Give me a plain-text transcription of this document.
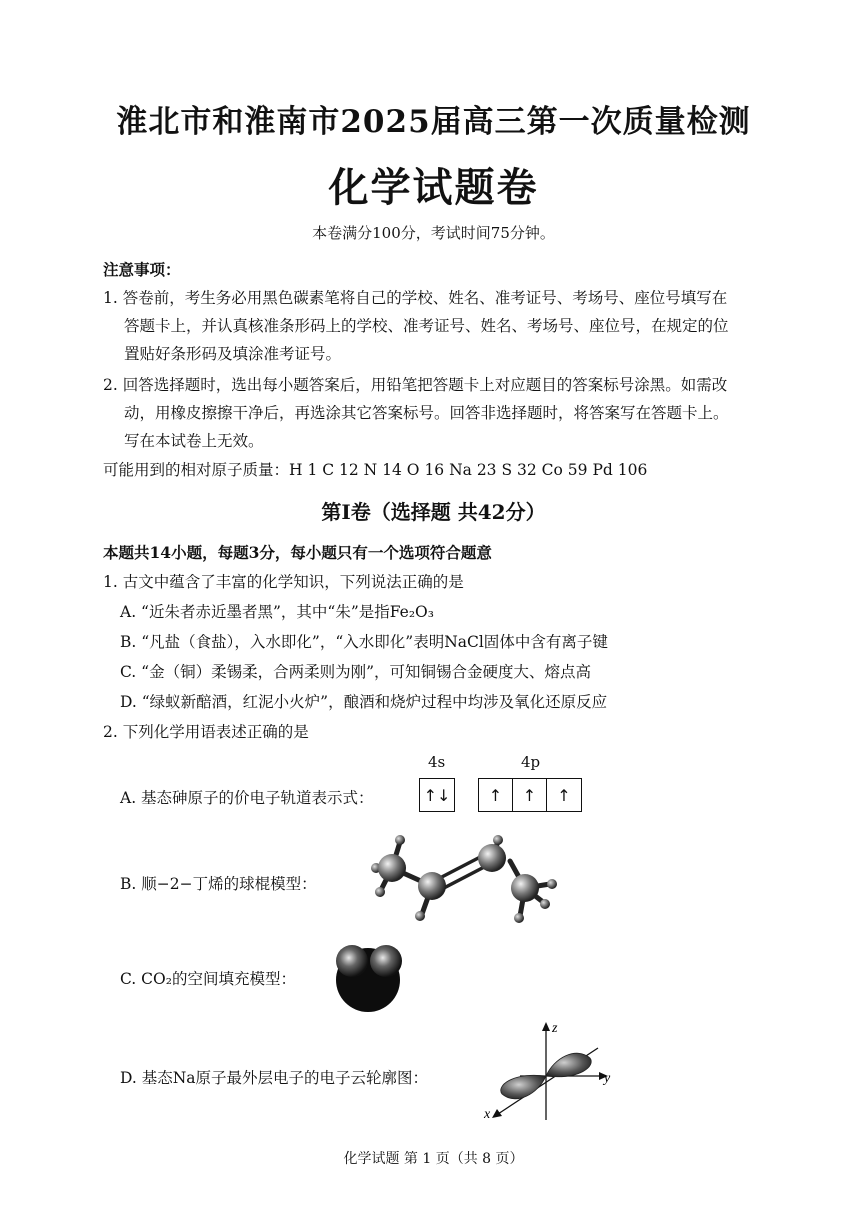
淮北市和淮南市2025届高三第一次质量检测
化学试题卷
本卷满分100分，考试时间75分钟。
注意事项：
1. 答卷前，考生务必用黑色碳素笔将自己的学校、姓名、准考证号、考场号、座位号填写在
答题卡上，并认真核准条形码上的学校、准考证号、姓名、考场号、座位号，在规定的位
置贴好条形码及填涂准考证号。
2. 回答选择题时，选出每小题答案后，用铅笔把答题卡上对应题目的答案标号涂黑。如需改
动，用橡皮擦擦干净后，再选涂其它答案标号。回答非选择题时，将答案写在答题卡上。
写在本试卷上无效。
可能用到的相对原子质量：H 1 C 12 N 14 O 16 Na 23 S 32 Co 59 Pd 106
第Ⅰ卷（选择题 共42分）
本题共14小题，每题3分，每小题只有一个选项符合题意
1. 古文中蕴含了丰富的化学知识，下列说法正确的是
A. “近朱者赤近墨者黑”，其中“朱”是指Fe₂O₃
B. “凡盐（食盐），入水即化”，“入水即化”表明NaCl固体中含有离子键
C. “金（铜）柔锡柔，合两柔则为刚”，可知铜锡合金硬度大、熔点高
D. “绿蚁新醅酒，红泥小火炉”，酿酒和烧炉过程中均涉及氧化还原反应
2. 下列化学用语表述正确的是
A. 基态砷原子的价电子轨道表示式：
4s	4p
↑↓	↑	↑	↑
B. 顺−2−丁烯的球棍模型：
C. CO₂的空间填充模型：
D. 基态Na原子最外层电子的电子云轮廓图：
z
y
x
化学试题 第 1 页（共 8 页）
